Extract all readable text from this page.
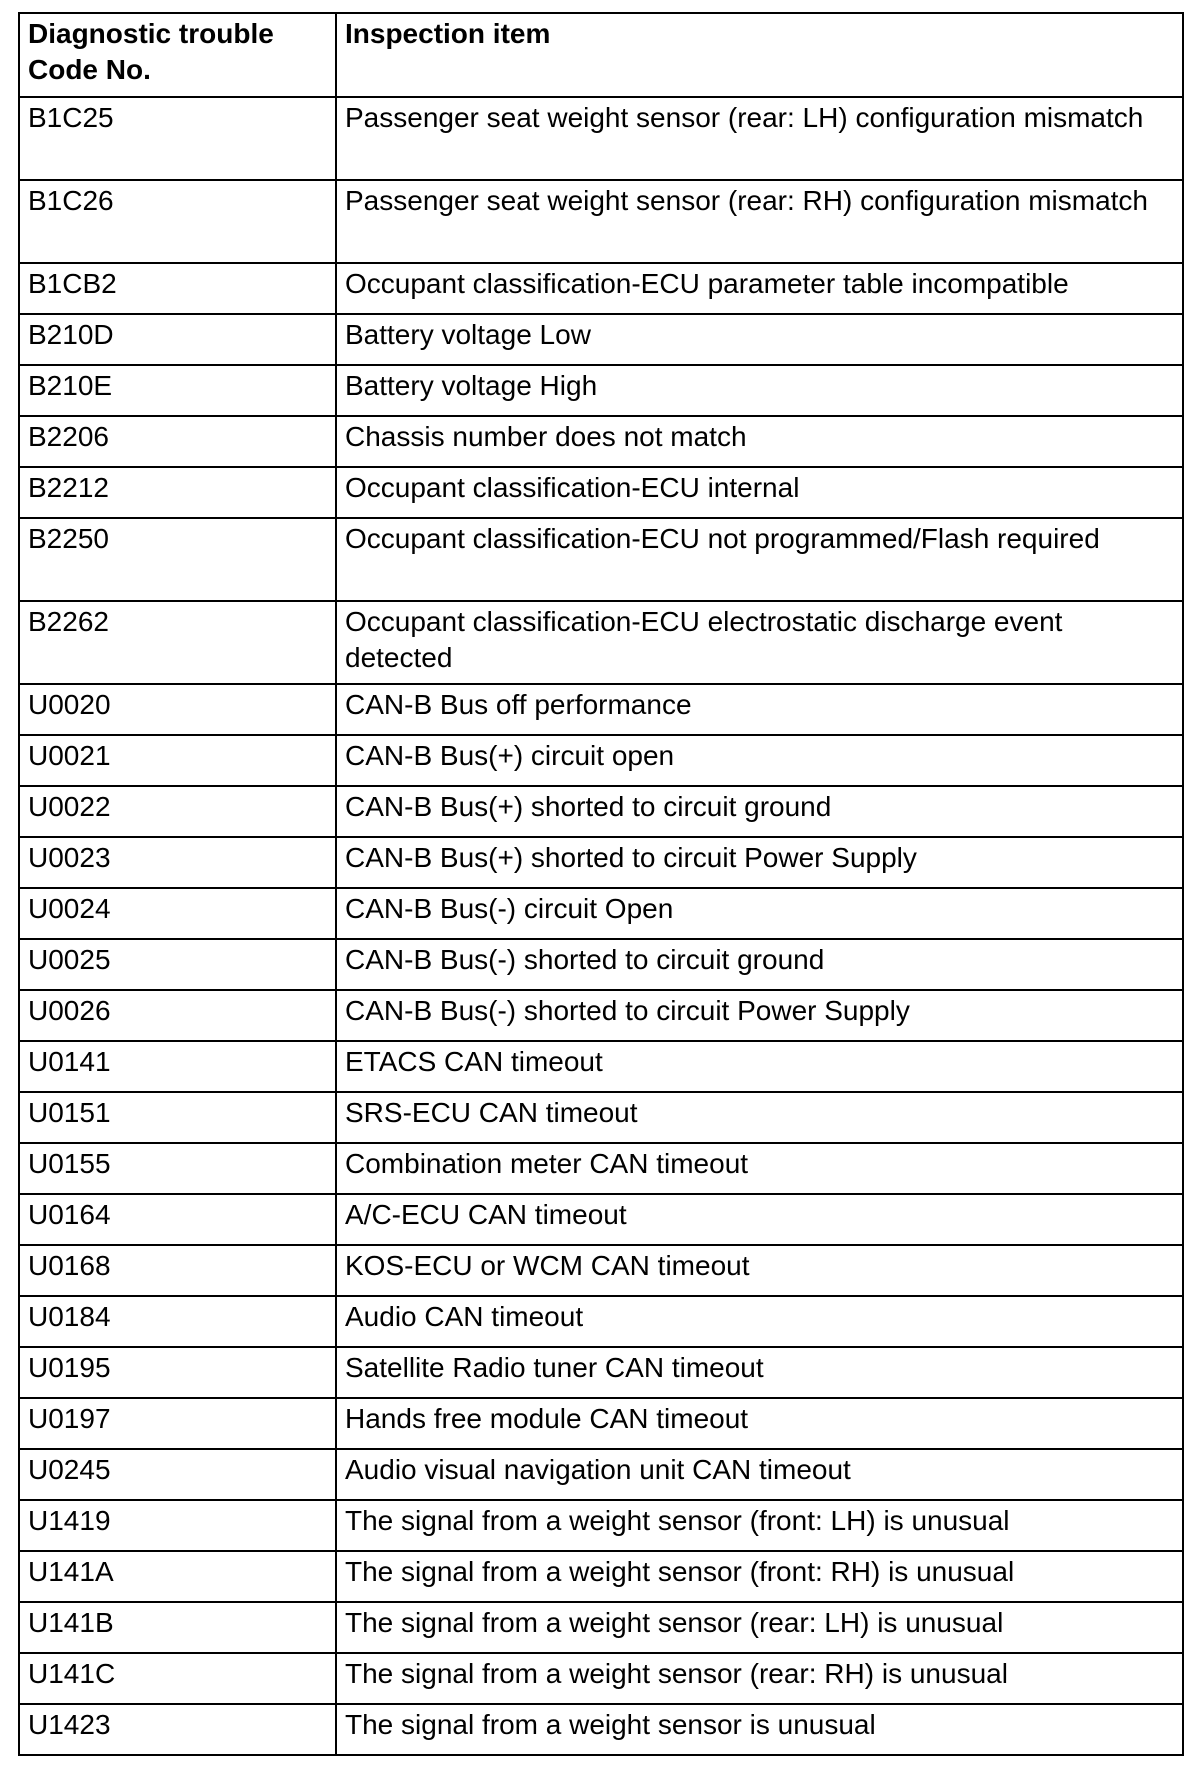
Diagnostic trouble Code No.	Inspection item
B1C25	Passenger seat weight sensor (rear: LH) configuration mismatch
B1C26	Passenger seat weight sensor (rear: RH) configuration mismatch
B1CB2	Occupant classification-ECU parameter table incompatible
B210D	Battery voltage Low
B210E	Battery voltage High
B2206	Chassis number does not match
B2212	Occupant classification-ECU internal
B2250	Occupant classification-ECU not programmed/Flash required
B2262	Occupant classification-ECU electrostatic discharge event detected
U0020	CAN-B Bus off performance
U0021	CAN-B Bus(+) circuit open
U0022	CAN-B Bus(+) shorted to circuit ground
U0023	CAN-B Bus(+) shorted to circuit Power Supply
U0024	CAN-B Bus(-) circuit Open
U0025	CAN-B Bus(-) shorted to circuit ground
U0026	CAN-B Bus(-) shorted to circuit Power Supply
U0141	ETACS CAN timeout
U0151	SRS-ECU CAN timeout
U0155	Combination meter CAN timeout
U0164	A/C-ECU CAN timeout
U0168	KOS-ECU or WCM CAN timeout
U0184	Audio CAN timeout
U0195	Satellite Radio tuner CAN timeout
U0197	Hands free module CAN timeout
U0245	Audio visual navigation unit CAN timeout
U1419	The signal from a weight sensor (front: LH) is unusual
U141A	The signal from a weight sensor (front: RH) is unusual
U141B	The signal from a weight sensor (rear: LH) is unusual
U141C	The signal from a weight sensor (rear: RH) is unusual
U1423	The signal from a weight sensor is unusual
